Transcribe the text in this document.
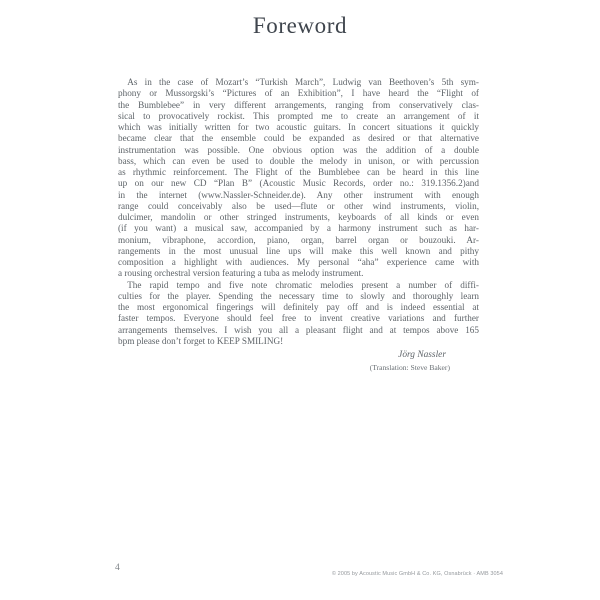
Foreword
As in the case of Mozart’s “Turkish March”, Ludwig van Beethoven’s 5th sym-
phony or Mussorgski’s “Pictures of an Exhibition”, I have heard the “Flight of
the Bumblebee” in very different arrangements, ranging from conservatively clas-
sical to provocatively rockist. This prompted me to create an arrangement of it
which was initially written for two acoustic guitars. In concert situations it quickly
became clear that the ensemble could be expanded as desired or that alternative
instrumentation was possible. One obvious option was the addition of a double
bass, which can even be used to double the melody in unison, or with percussion
as rhythmic reinforcement. The Flight of the Bumblebee can be heard in this line
up on our new CD “Plan B” (Acoustic Music Records, order no.: 319.1356.2)and
in the internet (www.Nassler-Schneider.de). Any other instrument with enough
range could conceivably also be used—flute or other wind instruments, violin,
dulcimer, mandolin or other stringed instruments, keyboards of all kinds or even
(if you want) a musical saw, accompanied by a harmony instrument such as har-
monium, vibraphone, accordion, piano, organ, barrel organ or bouzouki. Ar-
rangements in the most unusual line ups will make this well known and pithy
composition a highlight with audiences. My personal “aha” experience came with
a rousing orchestral version featuring a tuba as melody instrument.
The rapid tempo and five note chromatic melodies present a number of diffi-
culties for the player. Spending the necessary time to slowly and thoroughly learn
the most ergonomical fingerings will definitely pay off and is indeed essential at
faster tempos. Everyone should feel free to invent creative variations and further
arrangements themselves. I wish you all a pleasant flight and at tempos above 165
bpm please don’t forget to KEEP SMILING!
Jörg Nassler
(Translation: Steve Baker)
4
© 2005 by Acoustic Music GmbH & Co. KG, Osnabrück · AMB 3054
